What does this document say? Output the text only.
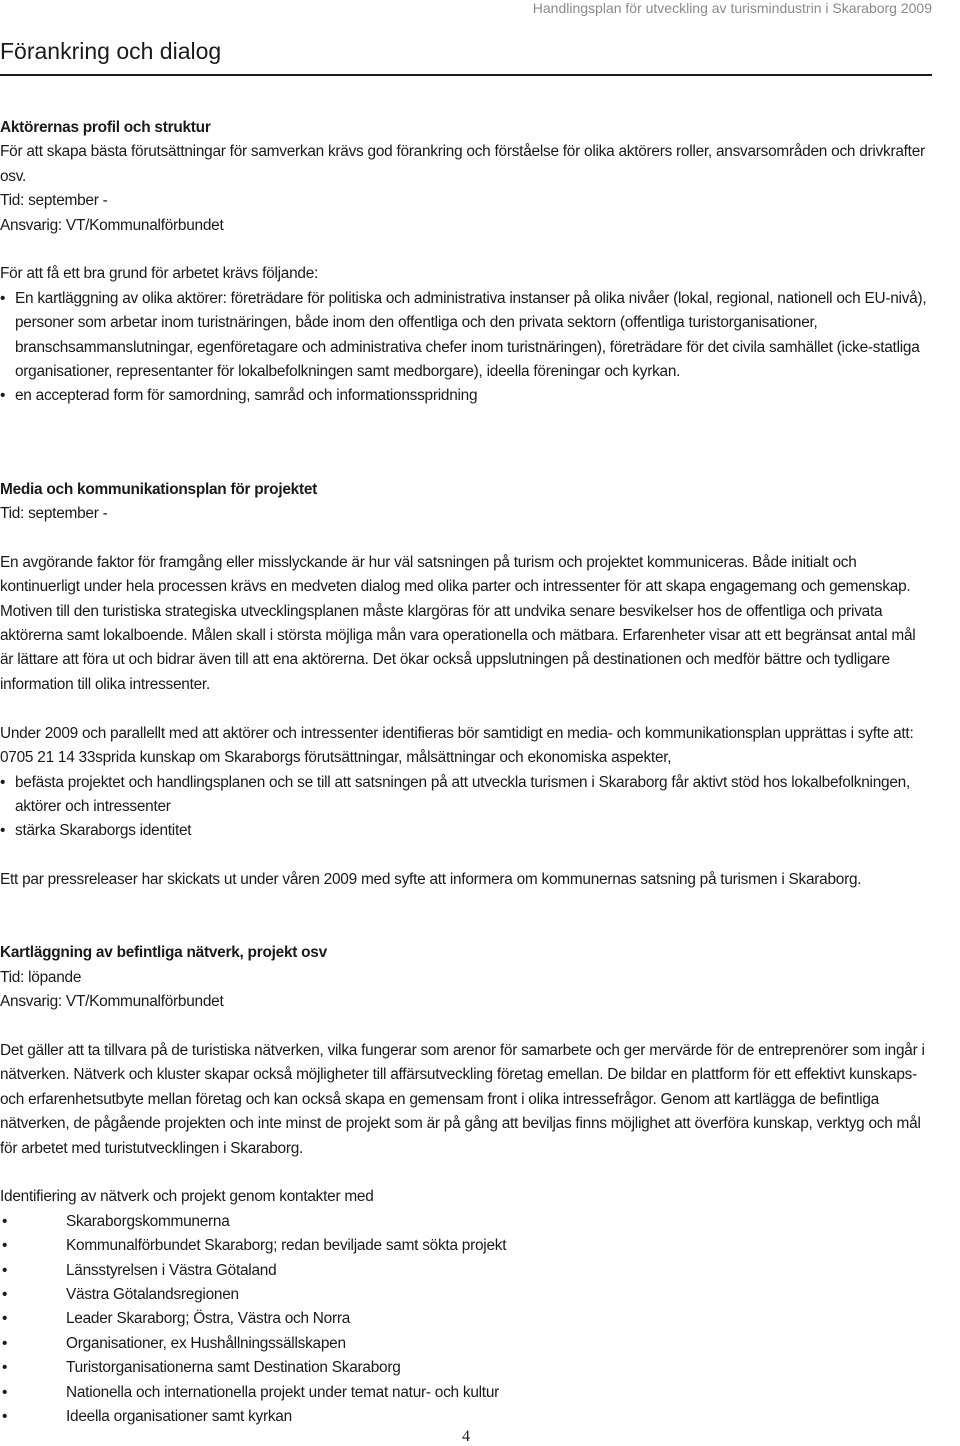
Handlingsplan för utveckling av turismindustrin i Skaraborg 2009
Förankring och dialog

Aktörernas profil och struktur

För att skapa bästa förutsättningar för samverkan krävs god förankring och förståelse för olika aktörers roller, ansvarsområden och drivkrafter osv.

Tid: september -

Ansvarig: VT/Kommunalförbundet

För att få ett bra grund för arbetet krävs följande:

• En kartläggning av olika aktörer: företrädare för politiska och administrativa instanser på olika nivåer (lokal, regional, nationell och EU-nivå), personer som arbetar inom turistnäringen, både inom den offentliga och den privata sektorn (offentliga turistorganisationer, branschsammanslutningar, egenföretagare och administrativa chefer inom turistnäringen), företrädare för det civila samhället (icke-statliga organisationer, representanter för lokalbefolkningen samt medborgare), ideella föreningar och kyrkan.
• en accepterad form för samordning, samråd och informationsspridning

Media och kommunikationsplan för projektet

Tid: september -

En avgörande faktor för framgång eller misslyckande är hur väl satsningen på turism och projektet kommuniceras. Både initialt och kontinuerligt under hela processen krävs en medveten dialog med olika parter och intressenter för att skapa engagemang och gemenskap. Motiven till den turistiska strategiska utvecklingsplanen måste klargöras för att undvika senare besvikelser hos de offentliga och privata aktörerna samt lokalboende. Målen skall i största möjliga mån vara operationella och mätbara. Erfarenheter visar att ett begränsat antal mål är lättare att föra ut och bidrar även till att ena aktörerna. Det ökar också uppslutningen på destinationen och medför bättre och tydligare information till olika intressenter.

Under 2009 och parallellt med att aktörer och intressenter identifieras bör samtidigt en media- och kommunikationsplan upprättas i syfte att:

0705 21 14 33sprida kunskap om Skaraborgs förutsättningar, målsättningar och ekonomiska aspekter,
• befästa projektet och handlingsplanen och se till att satsningen på att utveckla turismen i Skaraborg får aktivt stöd hos lokalbefolkningen, aktörer och intressenter
• stärka Skaraborgs identitet

Ett par pressreleaser har skickats ut under våren 2009 med syfte att informera om kommunernas satsning på turismen i Skaraborg.

Kartläggning av befintliga nätverk, projekt osv

Tid: löpande

Ansvarig: VT/Kommunalförbundet

Det gäller att ta tillvara på de turistiska nätverken, vilka fungerar som arenor för samarbete och ger mervärde för de entreprenörer som ingår i nätverken. Nätverk och kluster skapar också möjligheter till affärsutveckling företag emellan. De bildar en plattform för ett effektivt kunskaps- och erfarenhetsutbyte mellan företag och kan också skapa en gemensam front i olika intressefrågor. Genom att kartlägga de befintliga nätverken, de pågående projekten och inte minst de projekt som är på gång att beviljas finns möjlighet att överföra kunskap, verktyg och mål för arbetet med turistutvecklingen i Skaraborg.

Identifiering av nätverk och projekt genom kontakter med

• Skaraborgskommunerna
• Kommunalförbundet Skaraborg; redan beviljade samt sökta projekt
• Länsstyrelsen i Västra Götaland
• Västra Götalandsregionen
• Leader Skaraborg; Östra, Västra och Norra
• Organisationer, ex Hushållningssällskapen
• Turistorganisationerna samt Destination Skaraborg
• Nationella och internationella projekt under temat natur- och kultur
• Ideella organisationer samt kyrkan
4
